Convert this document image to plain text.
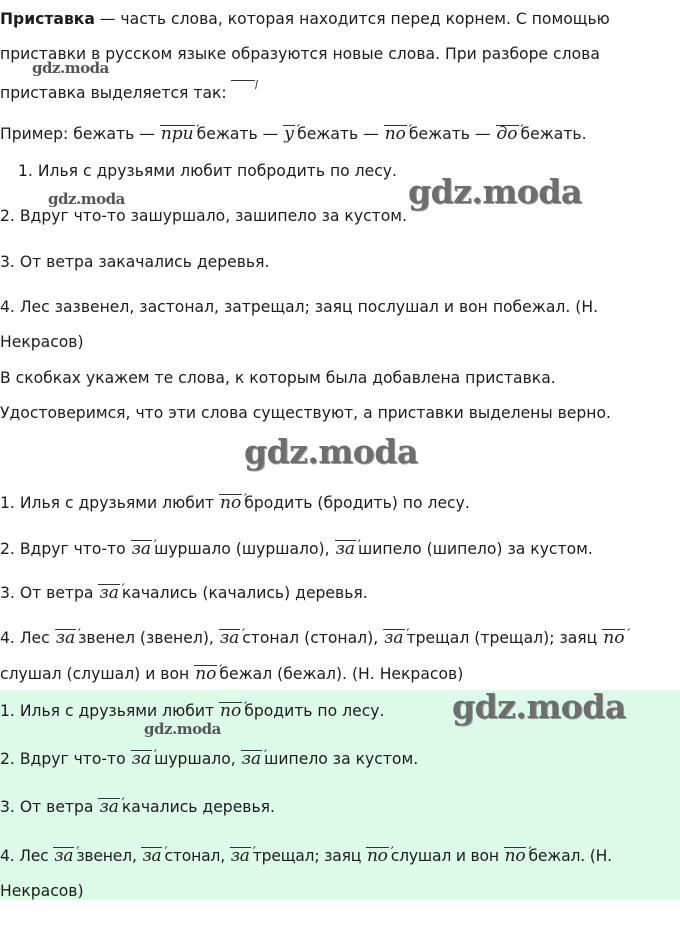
Приставка — часть слова, которая находится перед корнем. С помощью
приставки в русском языке образуются новые слова. При разборе слова
приставка выделяется так:
Пример: бежать — при ′ бежать — у ′ бежать — по ′ бежать — до ′ бежать.
1. Илья с друзьями любит побродить по лесу.
2. Вдруг что-то зашуршало, зашипело за кустом.
3. От ветра закачались деревья.
4. Лес зазвенел, застонал, затрещал; заяц послушал и вон побежал. (Н.
Некрасов)
В скобках укажем те слова, к которым была добавлена приставка.
Удостоверимся, что эти слова существуют, а приставки выделены верно.
1. Илья с друзьями любит по ′ бродить (бродить) по лесу.
2. Вдруг что-то за ′ шуршало (шуршало), за ′ шипело (шипело) за кустом.
3. От ветра за ′ качались (качались) деревья.
4. Лес за ′ звенел (звенел), за ′ стонал (стонал), за ′ трещал (трещал); заяц по ′
слушал (слушал) и вон по ′ бежал (бежал). (Н. Некрасов)
1. Илья с друзьями любит по ′ бродить по лесу.
2. Вдруг что-то за ′ шуршало, за ′ шипело за кустом.
3. От ветра за ′ качались деревья.
4. Лес за ′ звенел, за ′ стонал, за ′ трещал; заяц по ′ слушал и вон по ′ бежал. (Н.
Некрасов)
gdz.moda
gdz.moda	gdz.moda
gdz.moda
gdz.moda
gdz.moda
